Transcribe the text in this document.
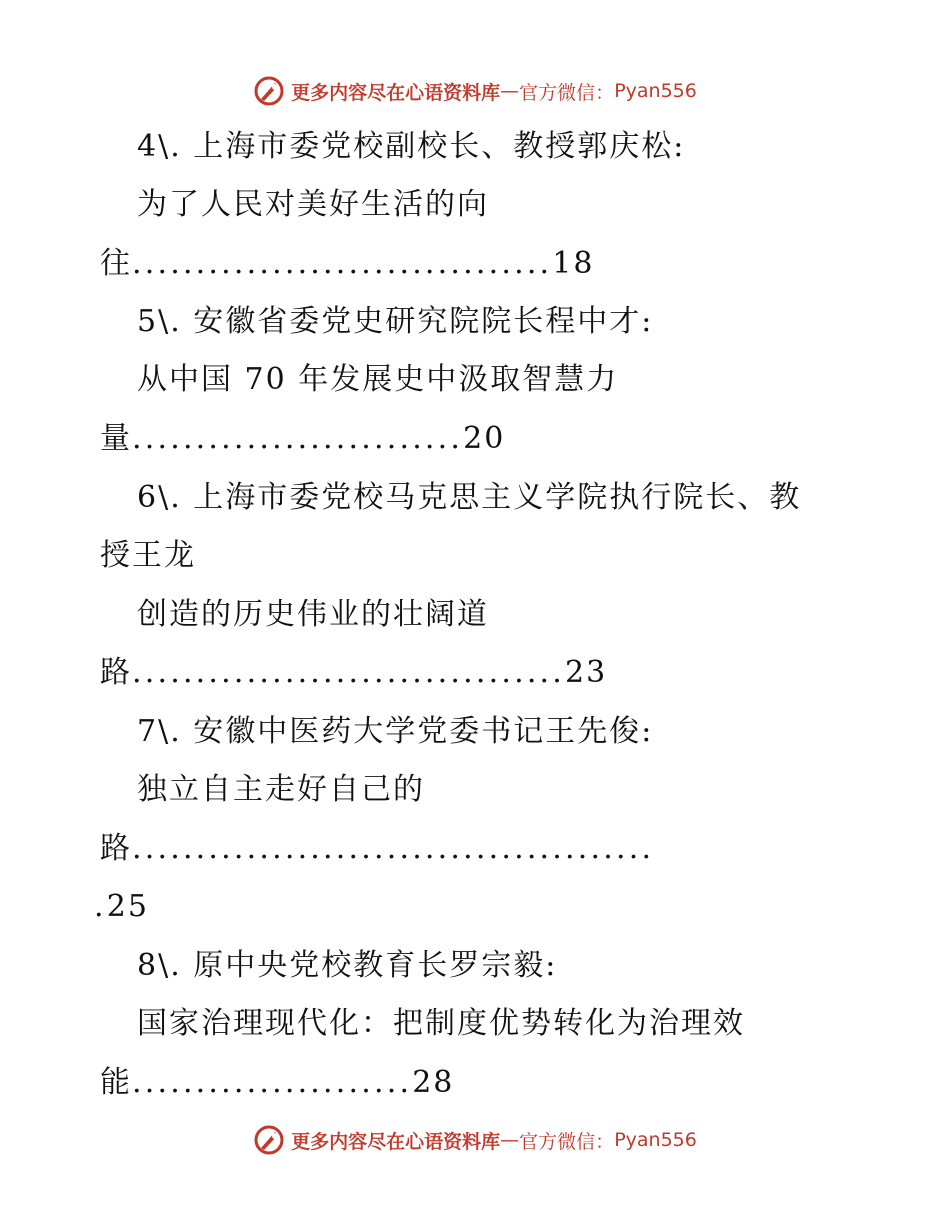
更多内容尽在心语资料库 — 官方微信： Pyan556
4\. 上海市委党校副校长、教授郭庆松:
为了人民对美好生活的向
往.................................18
5\. 安徽省委党史研究院院长程中才:
从中国 70 年发展史中汲取智慧力
量..........................20
6\. 上海市委党校马克思主义学院执行院长、教
授王龙
创造的历史伟业的壮阔道
路..................................23
7\. 安徽中医药大学党委书记王先俊:
独立自主走好自己的
路.........................................
.25
8\. 原中央党校教育长罗宗毅:
国家治理现代化：把制度优势转化为治理效
能......................28
更多内容尽在心语资料库 — 官方微信： Pyan556
